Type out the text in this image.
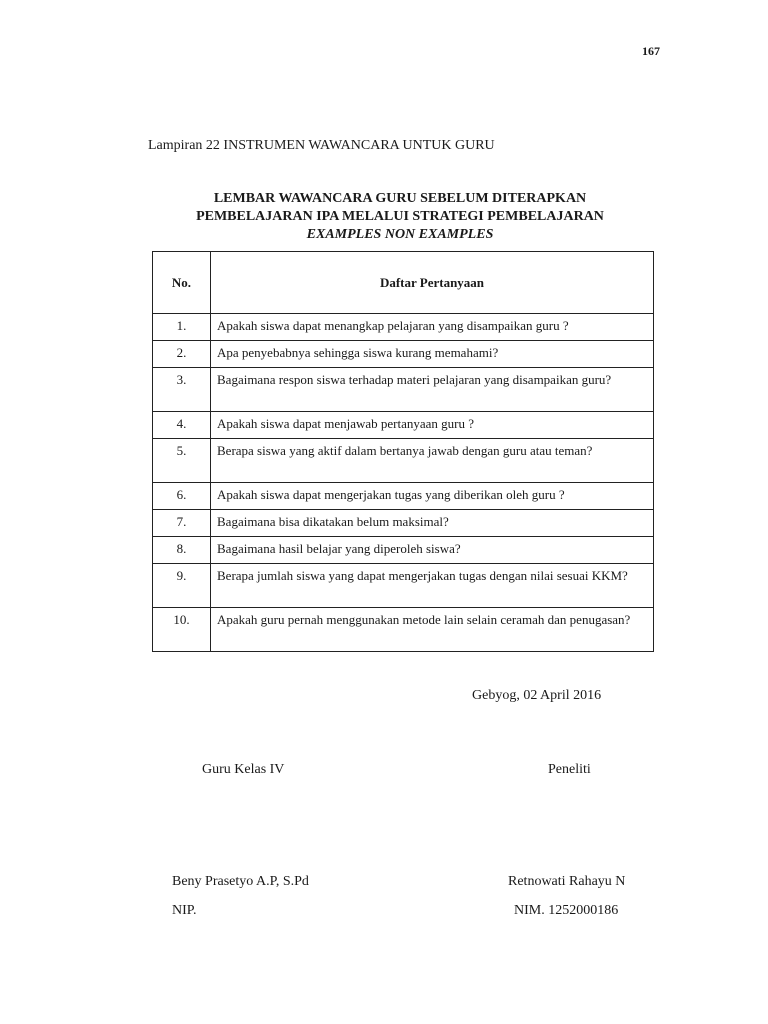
167
Lampiran 22 INSTRUMEN WAWANCARA UNTUK GURU
LEMBAR WAWANCARA GURU SEBELUM DITERAPKAN
PEMBELAJARAN IPA MELALUI STRATEGI PEMBELAJARAN
EXAMPLES NON EXAMPLES
No.	Daftar Pertanyaan
1.	Apakah siswa dapat menangkap pelajaran yang disampaikan guru ?
2.	Apa penyebabnya sehingga siswa kurang memahami?
3.	Bagaimana respon siswa terhadap materi pelajaran yang disampaikan guru?
4.	Apakah siswa dapat menjawab pertanyaan guru ?
5.	Berapa siswa yang aktif dalam bertanya jawab dengan guru atau teman?
6.	Apakah siswa dapat mengerjakan tugas yang diberikan oleh guru ?
7.	Bagaimana bisa dikatakan belum maksimal?
8.	Bagaimana hasil belajar yang diperoleh siswa?
9.	Berapa jumlah siswa yang dapat mengerjakan tugas dengan nilai sesuai KKM?
10.	Apakah guru pernah menggunakan metode lain selain ceramah dan penugasan?
Gebyog, 02 April 2016
Guru Kelas IV	Peneliti
Beny Prasetyo A.P, S.Pd	Retnowati Rahayu N
NIP.	NIM. 1252000186
